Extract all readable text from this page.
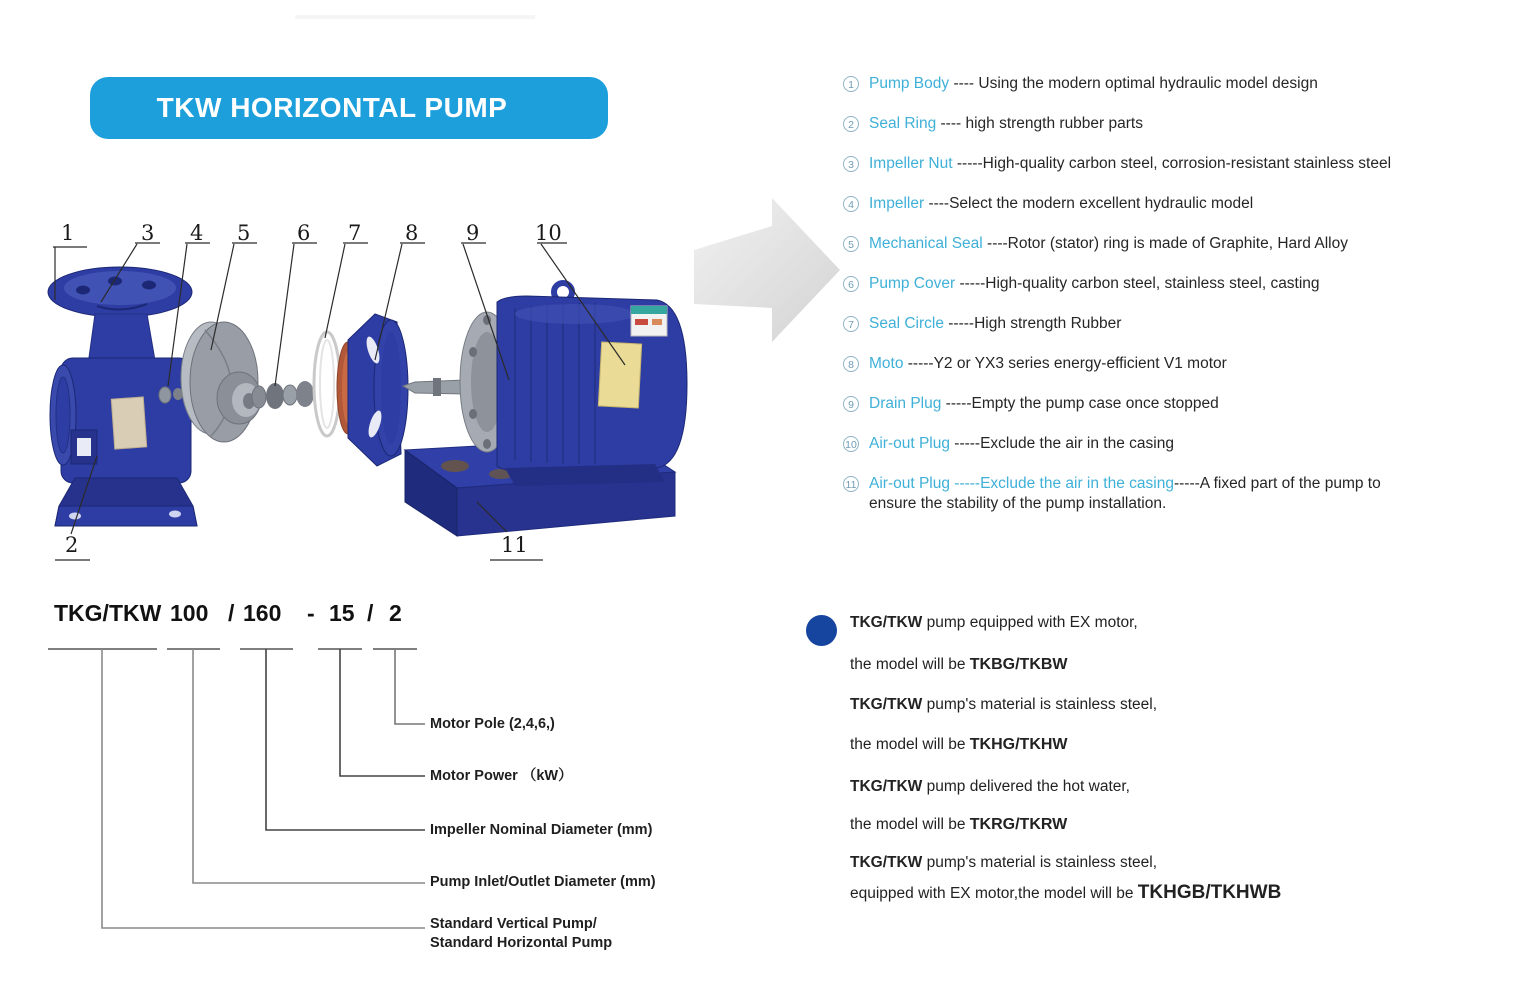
TKW HORIZONTAL PUMP
1	3 4 5 6 7 8 9	10
2	11
1 Pump Body ---- Using the modern optimal hydraulic model design
2 Seal Ring ---- high strength rubber parts
3 Impeller Nut -----High-quality carbon steel, corrosion-resistant stainless steel
4 Impeller ----Select the modern excellent hydraulic model
5 Mechanical Seal ----Rotor (stator) ring is made of Graphite, Hard Alloy
6 Pump Cover -----High-quality carbon steel, stainless steel, casting
7 Seal Circle -----High strength Rubber
8 Moto -----Y2 or YX3 series energy-efficient V1 motor
9 Drain Plug -----Empty the pump case once stopped
10 Air-out Plug -----Exclude the air in the casing
11 Air-out Plug -----Exclude the air in the casing-----A fixed part of the pump to
ensure the stability of the pump installation.
TKG/TKW 100 / 160 - 15 / 2
Motor Pole (2,4,6,)
Motor Power （kW）
Impeller Nominal Diameter (mm)
Pump Inlet/Outlet Diameter (mm)
Standard Vertical Pump/
Standard Horizontal Pump
TKG/TKW pump equipped with EX motor,
the model will be TKBG/TKBW
TKG/TKW pump's material is stainless steel,
the model will be TKHG/TKHW
TKG/TKW pump delivered the hot water,
the model will be TKRG/TKRW
TKG/TKW pump's material is stainless steel,
equipped with EX motor,the model will be TKHGB/TKHWB
